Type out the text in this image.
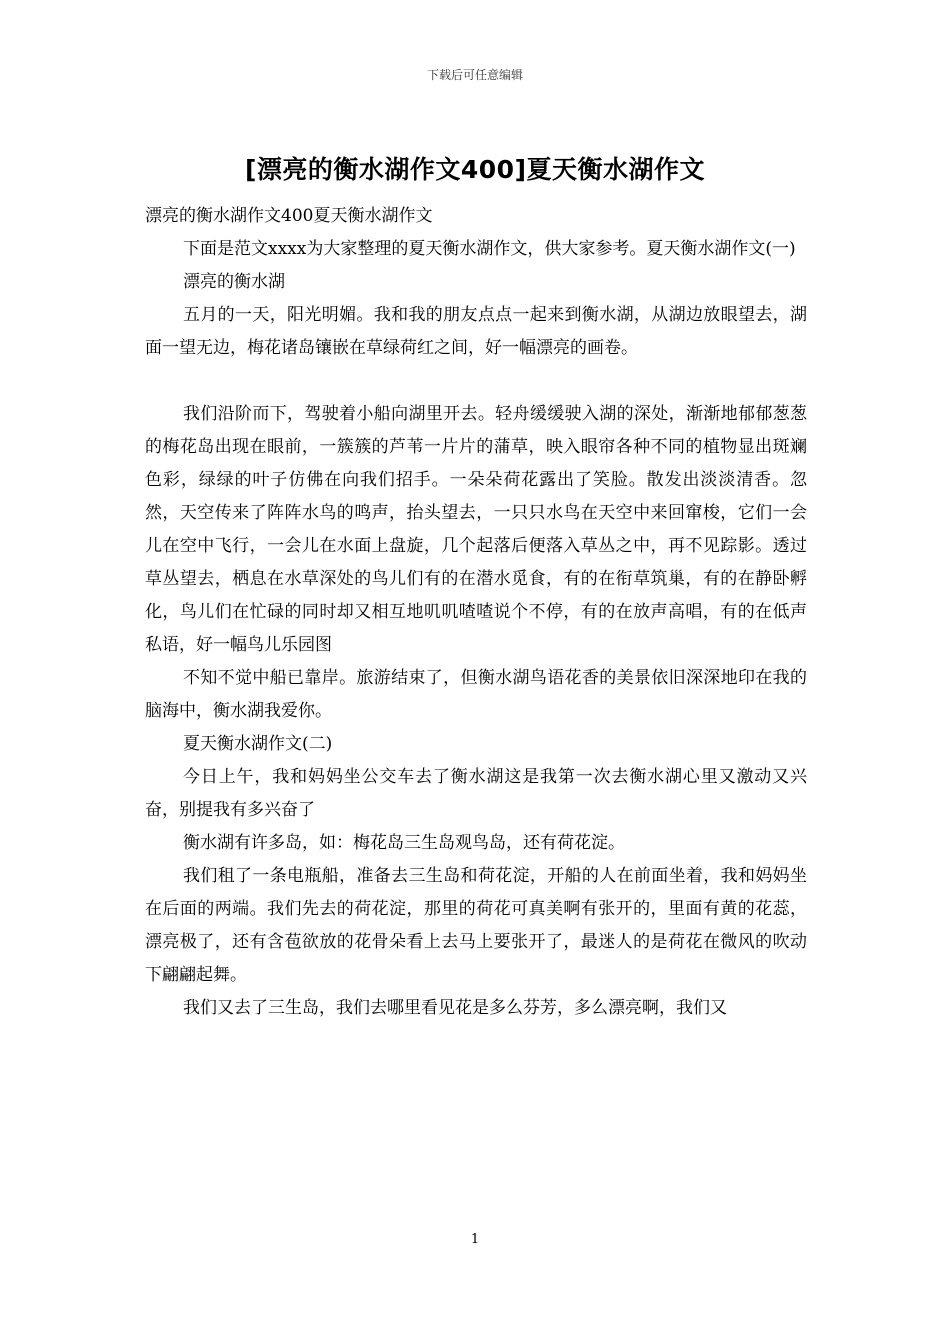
下载后可任意编辑
[漂亮的衡水湖作文400]夏天衡水湖作文

漂亮的衡水湖作文400夏天衡水湖作文

下面是范文xxxx为大家整理的夏天衡水湖作文，供大家参考。夏天衡水湖作文(一)

漂亮的衡水湖

五月的一天，阳光明媚。我和我的朋友点点一起来到衡水湖，从湖边放眼望去，湖面一望无边，梅花诸岛镶嵌在草绿荷红之间，好一幅漂亮的画卷。

我们沿阶而下，驾驶着小船向湖里开去。轻舟缓缓驶入湖的深处，渐渐地郁郁葱葱的梅花岛出现在眼前，一簇簇的芦苇一片片的蒲草，映入眼帘各种不同的植物显出斑斓色彩，绿绿的叶子仿佛在向我们招手。一朵朵荷花露出了笑脸。散发出淡淡清香。忽然，天空传来了阵阵水鸟的鸣声，抬头望去，一只只水鸟在天空中来回窜梭，它们一会儿在空中飞行，一会儿在水面上盘旋，几个起落后便落入草丛之中，再不见踪影。透过草丛望去，栖息在水草深处的鸟儿们有的在潜水觅食，有的在衔草筑巢，有的在静卧孵化，鸟儿们在忙碌的同时却又相互地叽叽喳喳说个不停，有的在放声高唱，有的在低声私语，好一幅鸟儿乐园图

不知不觉中船已靠岸。旅游结束了，但衡水湖鸟语花香的美景依旧深深地印在我的脑海中，衡水湖我爱你。

夏天衡水湖作文(二)

今日上午，我和妈妈坐公交车去了衡水湖这是我第一次去衡水湖心里又激动又兴奋，别提我有多兴奋了

衡水湖有许多岛，如：梅花岛三生岛观鸟岛，还有荷花淀。

我们租了一条电瓶船，准备去三生岛和荷花淀，开船的人在前面坐着，我和妈妈坐在后面的两端。我们先去的荷花淀，那里的荷花可真美啊有张开的，里面有黄的花蕊，漂亮极了，还有含苞欲放的花骨朵看上去马上要张开了，最迷人的是荷花在微风的吹动下翩翩起舞。

我们又去了三生岛，我们去哪里看见花是多么芬芳，多么漂亮啊，我们又

1
